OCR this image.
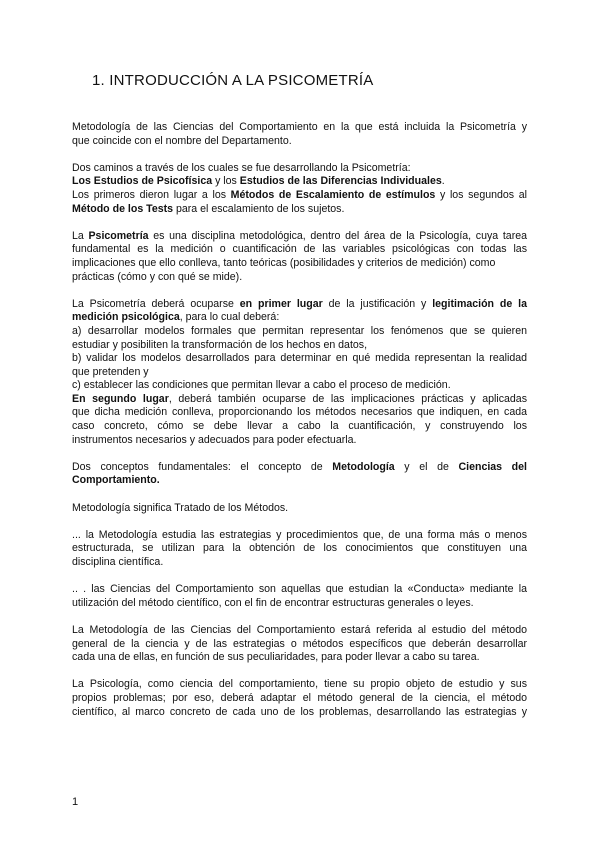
1. INTRODUCCIÓN A LA PSICOMETRÍA

Metodología de las Ciencias del Comportamiento en la que está incluida la Psicometría y
que coincide con el nombre del Departamento.

Dos caminos a través de los cuales se fue desarrollando la Psicometría:
Los Estudios de Psicofísica y los Estudios de las Diferencias Individuales.
Los primeros dieron lugar a los Métodos de Escalamiento de estímulos y los segundos al
Método de los Tests para el escalamiento de los sujetos.

La Psicometría es una disciplina metodológica, dentro del área de la Psicología, cuya tarea
fundamental es la medición o cuantificación de las variables psicológicas con todas las
implicaciones que ello conlleva, tanto teóricas (posibilidades y criterios de medición) como
prácticas (cómo y con qué se mide).

La Psicometría deberá ocuparse en primer lugar de la justificación y legitimación de la
medición psicológica, para lo cual deberá:
a) desarrollar modelos formales que permitan representar los fenómenos que se quieren
estudiar y posibiliten la transformación de los hechos en datos,
b) validar los modelos desarrollados para determinar en qué medida representan la realidad
que pretenden y
c) establecer las condiciones que permitan llevar a cabo el proceso de medición.
En segundo lugar, deberá también ocuparse de las implicaciones prácticas y aplicadas
que dicha medición conlleva, proporcionando los métodos necesarios que indiquen, en cada
caso concreto, cómo se debe llevar a cabo la cuantificación, y construyendo los
instrumentos necesarios y adecuados para poder efectuarla.

Dos conceptos fundamentales: el concepto de Metodología y el de Ciencias del
Comportamiento.

Metodología significa Tratado de los Métodos.

... la Metodología estudia las estrategias y procedimientos que, de una forma más o menos
estructurada, se utilizan para la obtención de los conocimientos que constituyen una
disciplina científica.

.. . las Ciencias del Comportamiento son aquellas que estudian la «Conducta» mediante la
utilización del método científico, con el fin de encontrar estructuras generales o leyes.

La Metodología de las Ciencias del Comportamiento estará referida al estudio del método
general de la ciencia y de las estrategias o métodos específicos que deberán desarrollar
cada una de ellas, en función de sus peculiaridades, para poder llevar a cabo su tarea.

La Psicología, como ciencia del comportamiento, tiene su propio objeto de estudio y sus
propios problemas; por eso, deberá adaptar el método general de la ciencia, el método
científico, al marco concreto de cada uno de los problemas, desarrollando las estrategias y

1
